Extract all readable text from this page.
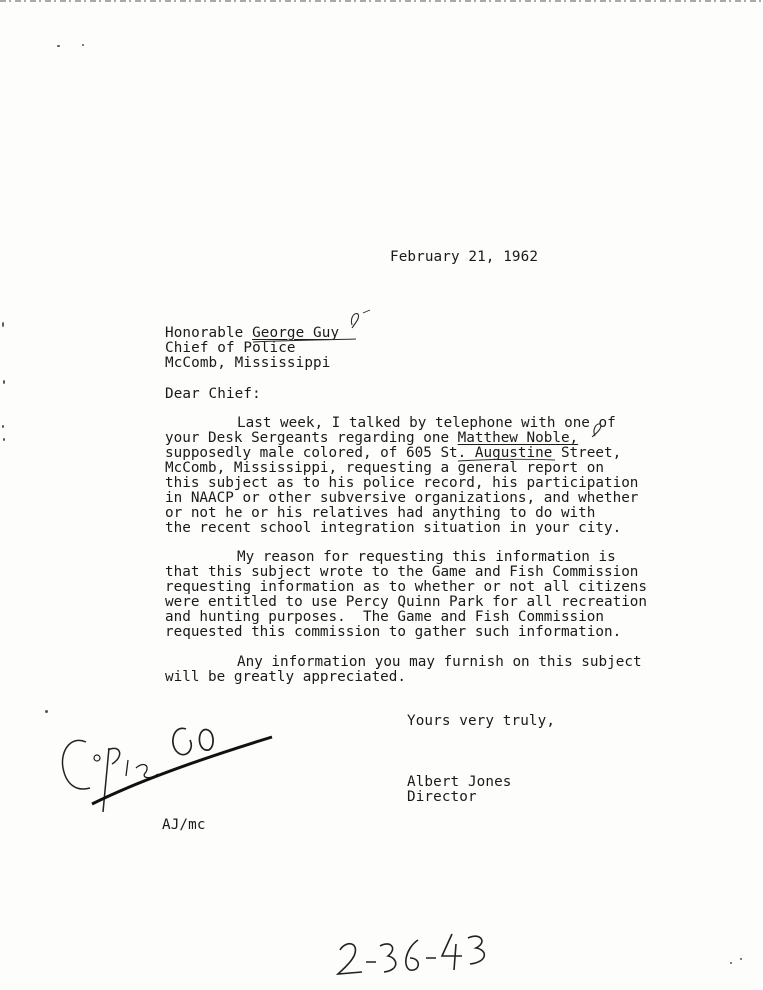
February 21, 1962
Honorable George Guy
Chief of Police
McComb, Mississippi
Dear Chief:
Last week, I talked by telephone with one of
your Desk Sergeants regarding one Matthew Noble,
supposedly male colored, of 605 St. Augustine Street,
McComb, Mississippi, requesting a general report on
this subject as to his police record, his participation
in NAACP or other subversive organizations, and whether
or not he or his relatives had anything to do with
the recent school integration situation in your city.
My reason for requesting this information is
that this subject wrote to the Game and Fish Commission
requesting information as to whether or not all citizens
were entitled to use Percy Quinn Park for all recreation
and hunting purposes.  The Game and Fish Commission
requested this commission to gather such information.
Any information you may furnish on this subject
will be greatly appreciated.
Yours very truly,
Albert Jones
Director
AJ/mc
